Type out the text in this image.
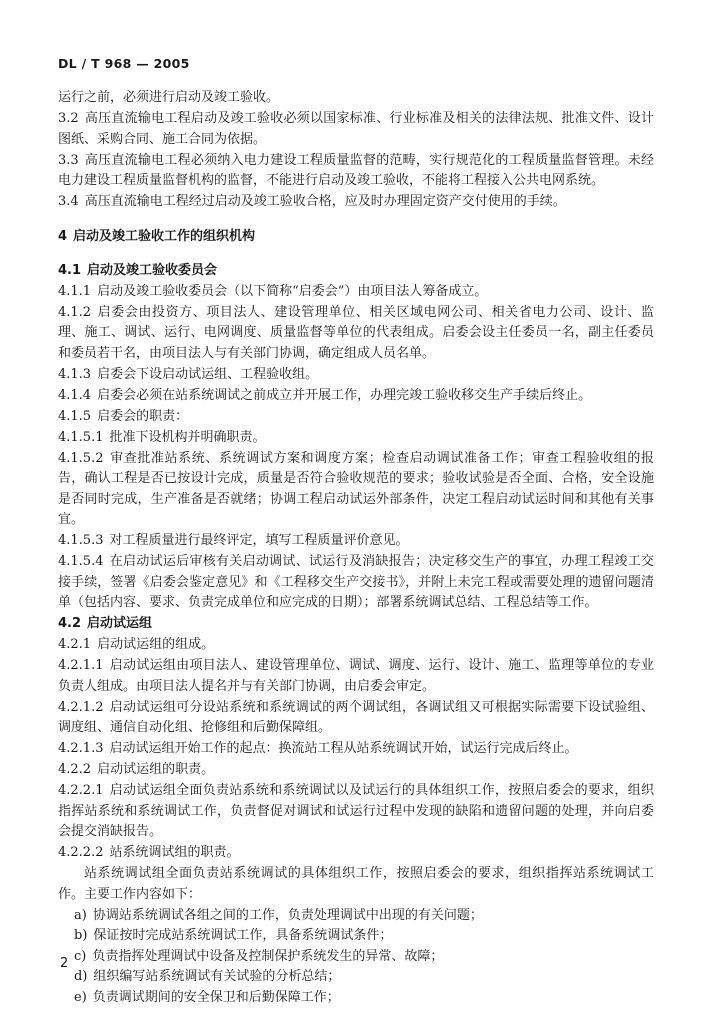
DL / T 968 — 2005
运行之前，必须进行启动及竣工验收。
3.2 高压直流输电工程启动及竣工验收必须以国家标准、行业标准及相关的法律法规、批准文件、设计图纸、采购合同、施工合同为依据。
3.3 高压直流输电工程必须纳入电力建设工程质量监督的范畴，实行规范化的工程质量监督管理。未经电力建设工程质量监督机构的监督，不能进行启动及竣工验收，不能将工程接入公共电网系统。
3.4 高压直流输电工程经过启动及竣工验收合格，应及时办理固定资产交付使用的手续。
4 启动及竣工验收工作的组织机构
4.1 启动及竣工验收委员会
4.1.1 启动及竣工验收委员会（以下简称“启委会”）由项目法人筹备成立。
4.1.2 启委会由投资方、项目法人、建设管理单位、相关区域电网公司、相关省电力公司、设计、监理、施工、调试、运行、电网调度、质量监督等单位的代表组成。启委会设主任委员一名，副主任委员和委员若干名，由项目法人与有关部门协调，确定组成人员名单。
4.1.3 启委会下设启动试运组、工程验收组。
4.1.4 启委会必须在站系统调试之前成立并开展工作，办理完竣工验收移交生产手续后终止。
4.1.5 启委会的职责：
4.1.5.1 批准下设机构并明确职责。
4.1.5.2 审查批准站系统、系统调试方案和调度方案；检查启动调试准备工作；审查工程验收组的报告，确认工程是否已按设计完成，质量是否符合验收规范的要求；验收试验是否全面、合格，安全设施是否同时完成，生产准备是否就绪；协调工程启动试运外部条件，决定工程启动试运时间和其他有关事宜。
4.1.5.3 对工程质量进行最终评定，填写工程质量评价意见。
4.1.5.4 在启动试运后审核有关启动调试、试运行及消缺报告；决定移交生产的事宜，办理工程竣工交接手续，签署《启委会鉴定意见》和《工程移交生产交接书》，并附上未完工程或需要处理的遗留问题清单（包括内容、要求、负责完成单位和应完成的日期）；部署系统调试总结、工程总结等工作。
4.2 启动试运组
4.2.1 启动试运组的组成。
4.2.1.1 启动试运组由项目法人、建设管理单位、调试、调度、运行、设计、施工、监理等单位的专业负责人组成。由项目法人提名并与有关部门协调，由启委会审定。
4.2.1.2 启动试运组可分设站系统和系统调试的两个调试组，各调试组又可根据实际需要下设试验组、调度组、通信自动化组、抢修组和后勤保障组。
4.2.1.3 启动试运组开始工作的起点：换流站工程从站系统调试开始，试运行完成后终止。
4.2.2 启动试运组的职责。
4.2.2.1 启动试运组全面负责站系统和系统调试以及试运行的具体组织工作，按照启委会的要求，组织指挥站系统和系统调试工作，负责督促对调试和试运行过程中发现的缺陷和遗留问题的处理，并向启委会提交消缺报告。
4.2.2.2 站系统调试组的职责。
站系统调试组全面负责站系统调试的具体组织工作，按照启委会的要求，组织指挥站系统调试工作。主要工作内容如下：
a) 协调站系统调试各组之间的工作，负责处理调试中出现的有关问题；
b) 保证按时完成站系统调试工作，具备系统调试条件；
c) 负责指挥处理调试中设备及控制保护系统发生的异常、故障；
d) 组织编写站系统调试有关试验的分析总结；
e) 负责调试期间的安全保卫和后勤保障工作；
2
